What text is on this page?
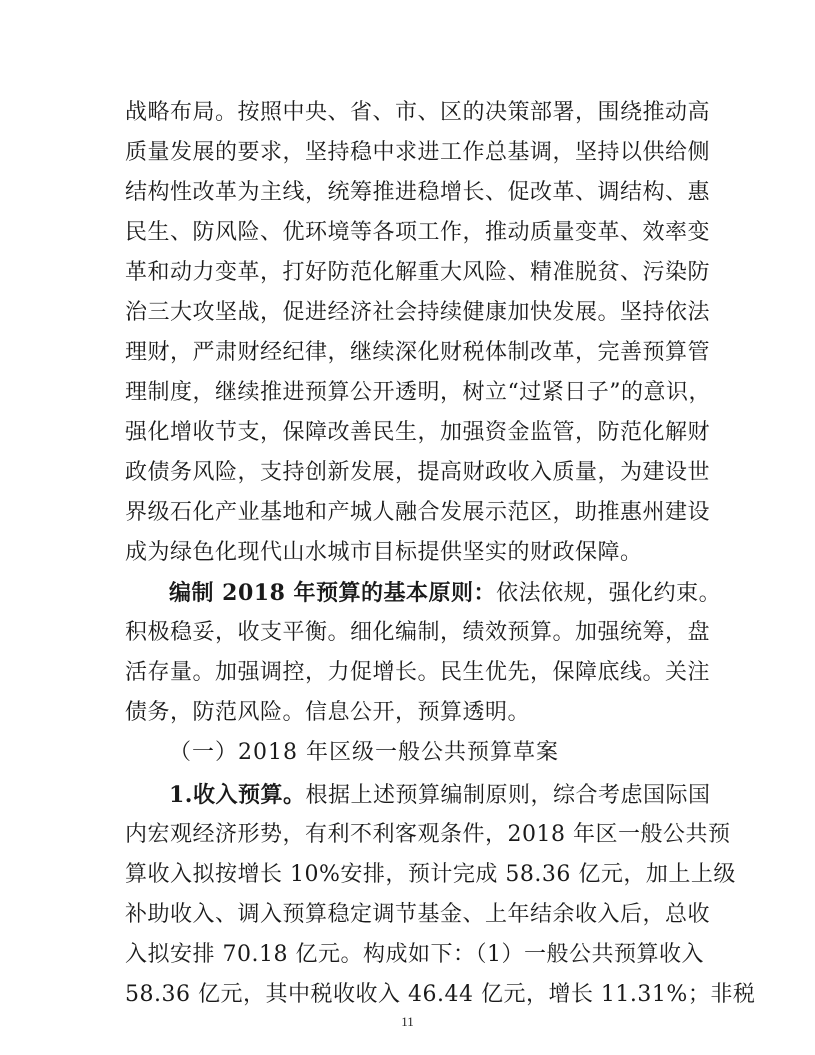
战略布局。按照中央、省、市、区的决策部署，围绕推动高
质量发展的要求，坚持稳中求进工作总基调，坚持以供给侧
结构性改革为主线，统筹推进稳增长、促改革、调结构、惠
民生、防风险、优环境等各项工作，推动质量变革、效率变
革和动力变革，打好防范化解重大风险、精准脱贫、污染防
治三大攻坚战，促进经济社会持续健康加快发展。坚持依法
理财，严肃财经纪律，继续深化财税体制改革，完善预算管
理制度，继续推进预算公开透明，树立“过紧日子”的意识，
强化增收节支，保障改善民生，加强资金监管，防范化解财
政债务风险，支持创新发展，提高财政收入质量，为建设世
界级石化产业基地和产城人融合发展示范区，助推惠州建设
成为绿色化现代山水城市目标提供坚实的财政保障。
编制 2018 年预算的基本原则：依法依规，强化约束。
积极稳妥，收支平衡。细化编制，绩效预算。加强统筹，盘
活存量。加强调控，力促增长。民生优先，保障底线。关注
债务，防范风险。信息公开，预算透明。
（一）2018 年区级一般公共预算草案
1.收入预算。根据上述预算编制原则，综合考虑国际国
内宏观经济形势，有利不利客观条件，2018 年区一般公共预
算收入拟按增长 10%安排，预计完成 58.36 亿元，加上上级
补助收入、调入预算稳定调节基金、上年结余收入后，总收
入拟安排 70.18 亿元。构成如下：（1）一般公共预算收入
58.36 亿元，其中税收收入 46.44 亿元，增长 11.31%；非税
11
